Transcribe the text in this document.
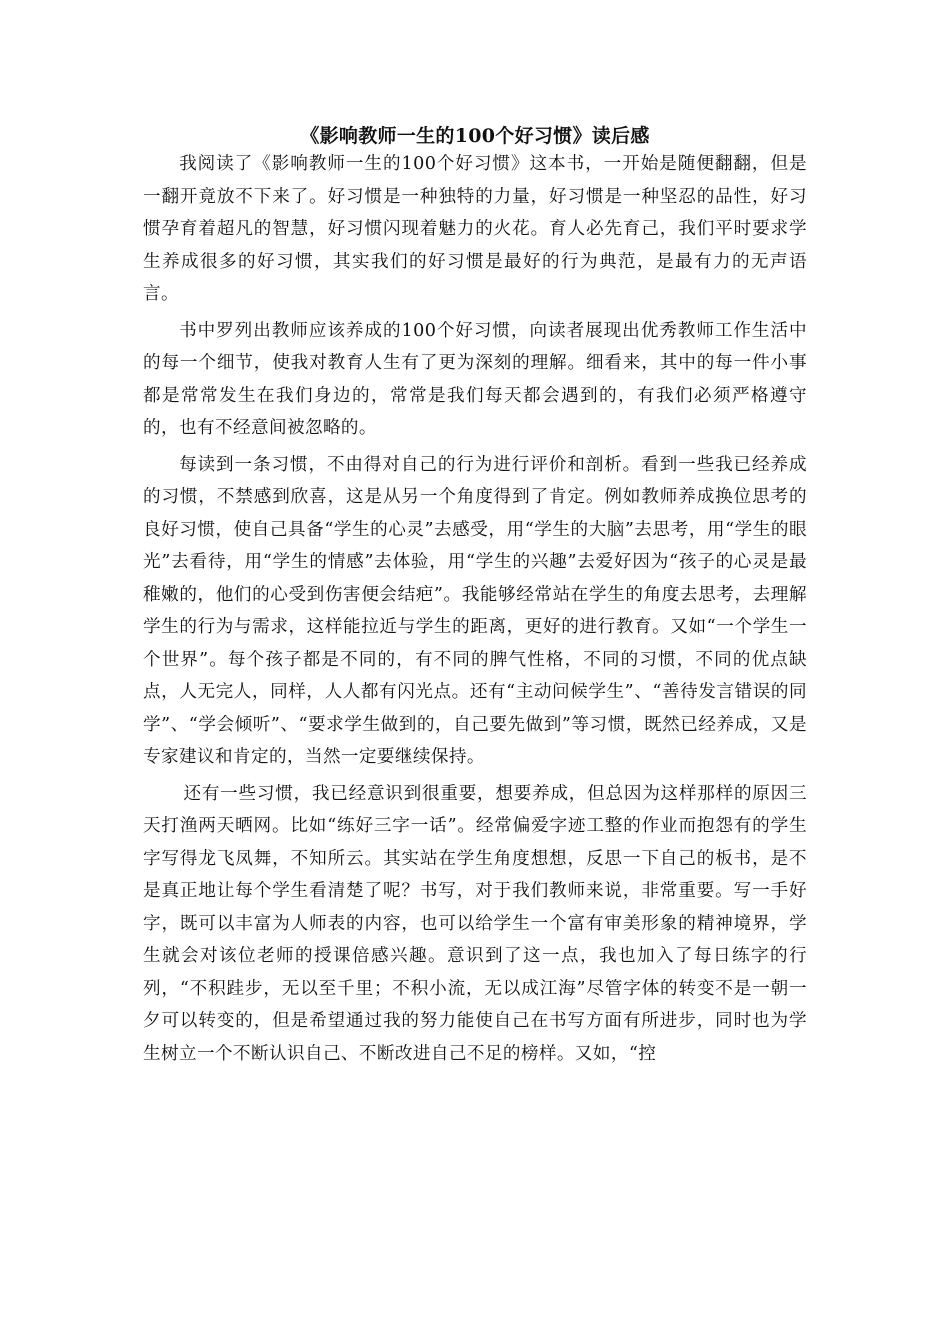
《影响教师一生的100个好习惯》读后感

我阅读了《影响教师一生的100个好习惯》这本书，一开始是随便翻翻，但是一翻开竟放不下来了。好习惯是一种独特的力量，好习惯是一种坚忍的品性，好习惯孕育着超凡的智慧，好习惯闪现着魅力的火花。育人必先育己，我们平时要求学生养成很多的好习惯，其实我们的好习惯是最好的行为典范，是最有力的无声语言。

书中罗列出教师应该养成的100个好习惯，向读者展现出优秀教师工作生活中的每一个细节，使我对教育人生有了更为深刻的理解。细看来，其中的每一件小事都是常常发生在我们身边的，常常是我们每天都会遇到的，有我们必须严格遵守的，也有不经意间被忽略的。

每读到一条习惯，不由得对自己的行为进行评价和剖析。看到一些我已经养成的习惯，不禁感到欣喜，这是从另一个角度得到了肯定。例如教师养成换位思考的良好习惯，使自己具备“学生的心灵”去感受，用“学生的大脑”去思考，用“学生的眼光”去看待，用“学生的情感”去体验，用“学生的兴趣”去爱好因为“孩子的心灵是最稚嫩的，他们的心受到伤害便会结疤”。我能够经常站在学生的角度去思考，去理解学生的行为与需求，这样能拉近与学生的距离，更好的进行教育。又如“一个学生一个世界”。每个孩子都是不同的，有不同的脾气性格，不同的习惯，不同的优点缺点，人无完人，同样，人人都有闪光点。还有“主动问候学生”、“善待发言错误的同学”、“学会倾听”、“要求学生做到的，自己要先做到”等习惯，既然已经养成，又是专家建议和肯定的，当然一定要继续保持。

还有一些习惯，我已经意识到很重要，想要养成，但总因为这样那样的原因三天打渔两天晒网。比如“练好三字一话”。经常偏爱字迹工整的作业而抱怨有的学生字写得龙飞凤舞，不知所云。其实站在学生角度想想，反思一下自己的板书，是不是真正地让每个学生看清楚了呢？书写，对于我们教师来说，非常重要。写一手好字，既可以丰富为人师表的内容，也可以给学生一个富有审美形象的精神境界，学生就会对该位老师的授课倍感兴趣。意识到了这一点，我也加入了每日练字的行列，“不积跬步，无以至千里；不积小流，无以成江海”尽管字体的转变不是一朝一夕可以转变的，但是希望通过我的努力能使自己在书写方面有所进步，同时也为学生树立一个不断认识自己、不断改进自己不足的榜样。又如，“控
